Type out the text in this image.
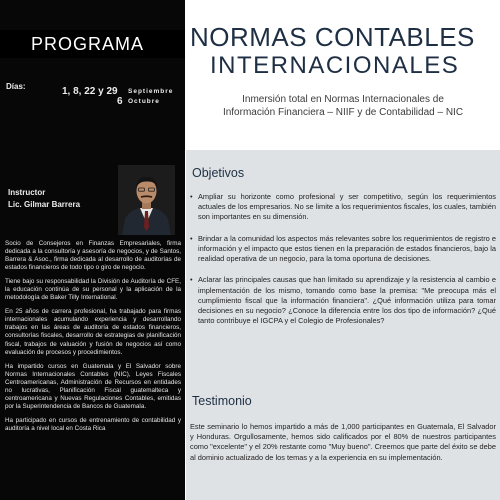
PROGRAMA
Días:	1, 8, 22 y 29 Septiembre
6 Octubre
Instructor
Lic. Gilmar Barrera

Socio de Consejeros en Finanzas Empresariales, firma dedicada a la consultoría y asesoría de negocios, y de Santos, Barrera & Asoc., firma dedicada al desarrollo de auditorías de estados financieros de todo tipo o giro de negocio.

Tiene bajo su responsabilidad la División de Auditoría de CFE, la educación continúa de su personal y la aplicación de la metodología de Baker Tilly International.

En 25 años de carrera profesional, ha trabajado para firmas internacionales acumulando experiencia y desarrollando trabajos en las áreas de auditoría de estados financieros, consultorías fiscales, desarrollo de estrategias de planificación fiscal, trabajos de valuación y fusión de negocios así como evaluación de procesos y procedimientos.

Ha impartido cursos en Guatemala y El Salvador sobre Normas Internacionales Contables (NIC), Leyes Fiscales Centroamericanas, Administración de Recursos en entidades no lucrativas, Planificación Fiscal guatemalteca y centroamericana y Nuevas Regulaciones Contables, emitidas por la Superintendencia de Bancos de Guatemala.

Ha participado en cursos de entrenamiento de contabilidad y auditoría a nivel local en Costa Rica

NORMAS CONTABLES
INTERNACIONALES
Inmersión total en Normas Internacionales de
Información Financiera – NIIF y de Contabilidad – NIC
Objetivos
• Ampliar su horizonte como profesional y ser competitivo, según los requerimientos actuales de los empresarios. No se limite a los requerimientos fiscales, los cuales, también son importantes en su dimensión.
• Brindar a la comunidad los aspectos más relevantes sobre los requerimientos de registro e información y el impacto que estos tienen en la preparación de estados financieros, bajo la realidad operativa de un negocio, para la toma oportuna de decisiones.
• Aclarar las principales causas que han limitado su aprendizaje y la resistencia al cambio e implementación de los mismo, tomando como base la premisa: "Me preocupa más el cumplimiento fiscal que la información financiera". ¿Qué información utiliza para tomar decisiones en su negocio? ¿Conoce la diferencia entre los dos tipo de información? ¿Qué tanto contribuye el IGCPA y el Colegio de Profesionales?
Testimonio
Este seminario lo hemos impartido a más de 1,000 participantes en Guatemala, El Salvador y Honduras. Orgullosamente, hemos sido calificados por el 80% de nuestros participantes como "excelente" y el 20% restante como "Muy bueno". Creemos que parte del éxito se debe al dominio actualizado de los temas y a la experiencia en su implementación.
